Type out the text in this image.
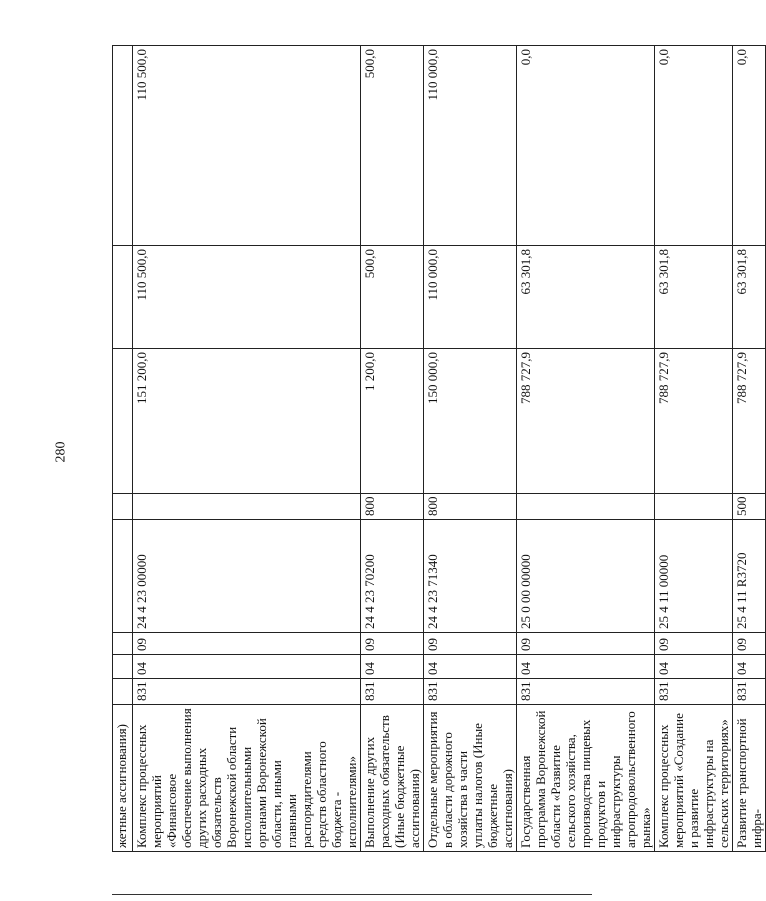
280
жетные ассигнования)								
Комплекс процессных мероприятий «Финансовое обеспечение выполнения других расходных обязательств Воронежской области исполнительными органами Воронежской области, иными главными распорядителями средств областного бюджета - исполнителями»	831	04	09	24 4 23 00000		151 200,0	110 500,0	110 500,0
Выполнение других расходных обязательств (Иные бюджетные ассигнования)	831	04	09	24 4 23 70200	800	1 200,0	500,0	500,0
Отдельные мероприятия в области дорожного хозяйства в части уплаты налогов (Иные бюджетные ассигнования)	831	04	09	24 4 23 71340	800	150 000,0	110 000,0	110 000,0
Государственная программа Воронежской области «Развитие сельского хозяйства, производства пищевых продуктов и инфраструктуры агропродовольственного рынка»	831	04	09	25 0 00 00000		788 727,9	63 301,8	0,0
Комплекс процессных мероприятий «Создание и развитие инфраструктуры на сельских территориях»	831	04	09	25 4 11 00000		788 727,9	63 301,8	0,0
Развитие транспортной инфра-	831	04	09	25 4 11 R3720	500	788 727,9	63 301,8	0,0
